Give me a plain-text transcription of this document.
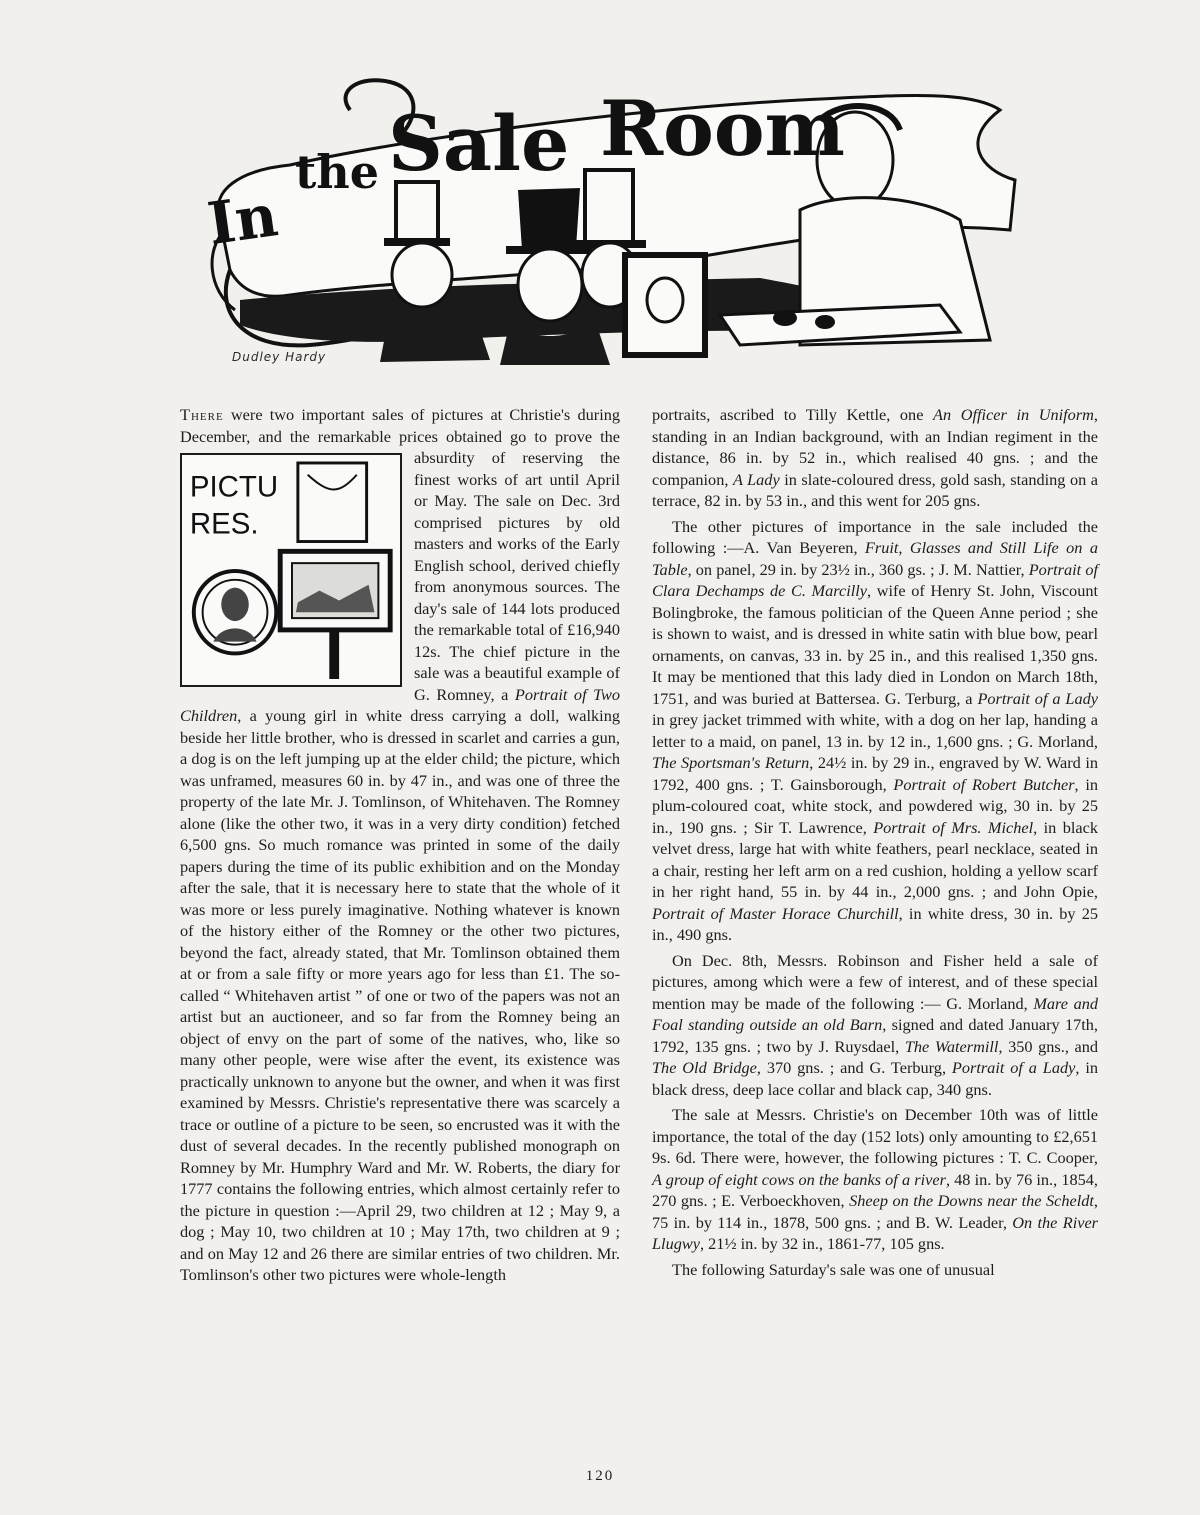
In
the Sale Room
Dudley Hardy

There were two important sales of pictures at Christie's during December, and the remarkable prices
PICTU
RES.
obtained go to prove the absurdity of reserving the finest works of art until April or May. The sale on Dec. 3rd comprised pictures by old masters and works of the Early English school, derived chiefly from anonymous sources. The day's sale of 144 lots produced the remarkable total of £16,940 12s. The chief picture in the sale was a beautiful example of G. Romney, a Portrait of Two Children, a young girl in white dress carrying a doll, walking beside her little brother, who is dressed in scarlet and carries a gun, a dog is on the left jumping up at the elder child; the picture, which was unframed, measures 60 in. by 47 in., and was one of three the property of the late Mr. J. Tomlinson, of Whitehaven. The Romney alone (like the other two, it was in a very dirty condition) fetched 6,500 gns. So much romance was printed in some of the daily papers during the time of its public exhibition and on the Monday after the sale, that it is necessary here to state that the whole of it was more or less purely imaginative. Nothing whatever is known of the history either of the Romney or the other two pictures, beyond the fact, already stated, that Mr. Tomlinson obtained them at or from a sale fifty or more years ago for less than £1. The so-called “ Whitehaven artist ” of one or two of the papers was not an artist but an auctioneer, and so far from the Romney being an object of envy on the part of some of the natives, who, like so many other people, were wise after the event, its existence was practically unknown to anyone but the owner, and when it was first examined by Messrs. Christie's representative there was scarcely a trace or outline of a picture to be seen, so encrusted was it with the dust of several decades. In the recently published monograph on Romney by Mr. Humphry Ward and Mr. W. Roberts, the diary for 1777 contains the following entries, which almost certainly refer to the picture in question :—April 29, two children at 12 ; May 9, a dog ; May 10, two children at 10 ; May 17th, two children at 9 ; and on May 12 and 26 there are similar entries of two children. Mr. Tomlinson's other two pictures were whole-length

portraits, ascribed to Tilly Kettle, one An Officer in Uniform, standing in an Indian background, with an Indian regiment in the distance, 86 in. by 52 in., which realised 40 gns. ; and the companion, A Lady in slate-coloured dress, gold sash, standing on a terrace, 82 in. by 53 in., and this went for 205 gns.

The other pictures of importance in the sale included the following :—A. Van Beyeren, Fruit, Glasses and Still Life on a Table, on panel, 29 in. by 23½ in., 360 gs. ; J. M. Nattier, Portrait of Clara Dechamps de C. Marcilly, wife of Henry St. John, Viscount Bolingbroke, the famous politician of the Queen Anne period ; she is shown to waist, and is dressed in white satin with blue bow, pearl ornaments, on canvas, 33 in. by 25 in., and this realised 1,350 gns. It may be mentioned that this lady died in London on March 18th, 1751, and was buried at Battersea. G. Terburg, a Portrait of a Lady in grey jacket trimmed with white, with a dog on her lap, handing a letter to a maid, on panel, 13 in. by 12 in., 1,600 gns. ; G. Morland, The Sportsman's Return, 24½ in. by 29 in., engraved by W. Ward in 1792, 400 gns. ; T. Gainsborough, Portrait of Robert Butcher, in plum-coloured coat, white stock, and powdered wig, 30 in. by 25 in., 190 gns. ; Sir T. Lawrence, Portrait of Mrs. Michel, in black velvet dress, large hat with white feathers, pearl necklace, seated in a chair, resting her left arm on a red cushion, holding a yellow scarf in her right hand, 55 in. by 44 in., 2,000 gns. ; and John Opie, Portrait of Master Horace Churchill, in white dress, 30 in. by 25 in., 490 gns.

On Dec. 8th, Messrs. Robinson and Fisher held a sale of pictures, among which were a few of interest, and of these special mention may be made of the following :— G. Morland, Mare and Foal standing outside an old Barn, signed and dated January 17th, 1792, 135 gns. ; two by J. Ruysdael, The Watermill, 350 gns., and The Old Bridge, 370 gns. ; and G. Terburg, Portrait of a Lady, in black dress, deep lace collar and black cap, 340 gns.

The sale at Messrs. Christie's on December 10th was of little importance, the total of the day (152 lots) only amounting to £2,651 9s. 6d. There were, however, the following pictures : T. C. Cooper, A group of eight cows on the banks of a river, 48 in. by 76 in., 1854, 270 gns. ; E. Verboeckhoven, Sheep on the Downs near the Scheldt, 75 in. by 114 in., 1878, 500 gns. ; and B. W. Leader, On the River Llugwy, 21½ in. by 32 in., 1861-77, 105 gns.

The following Saturday's sale was one of unusual

120
